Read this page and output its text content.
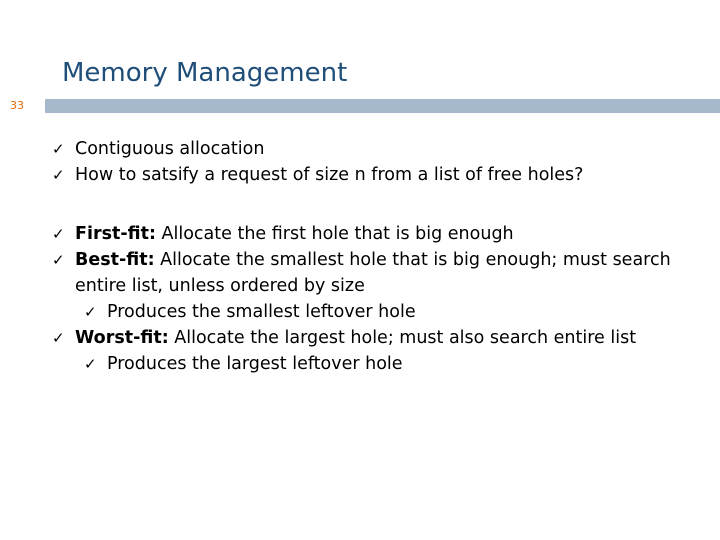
Memory Management
33
✓ Contiguous allocation
✓ How to satsify a request of size n from a list of free holes?
✓ First-fit: Allocate the first hole that is big enough
✓ Best-fit: Allocate the smallest hole that is big enough; must search entire list, unless ordered by size
✓ Produces the smallest leftover hole
✓ Worst-fit: Allocate the largest hole; must also search entire list
✓ Produces the largest leftover hole
